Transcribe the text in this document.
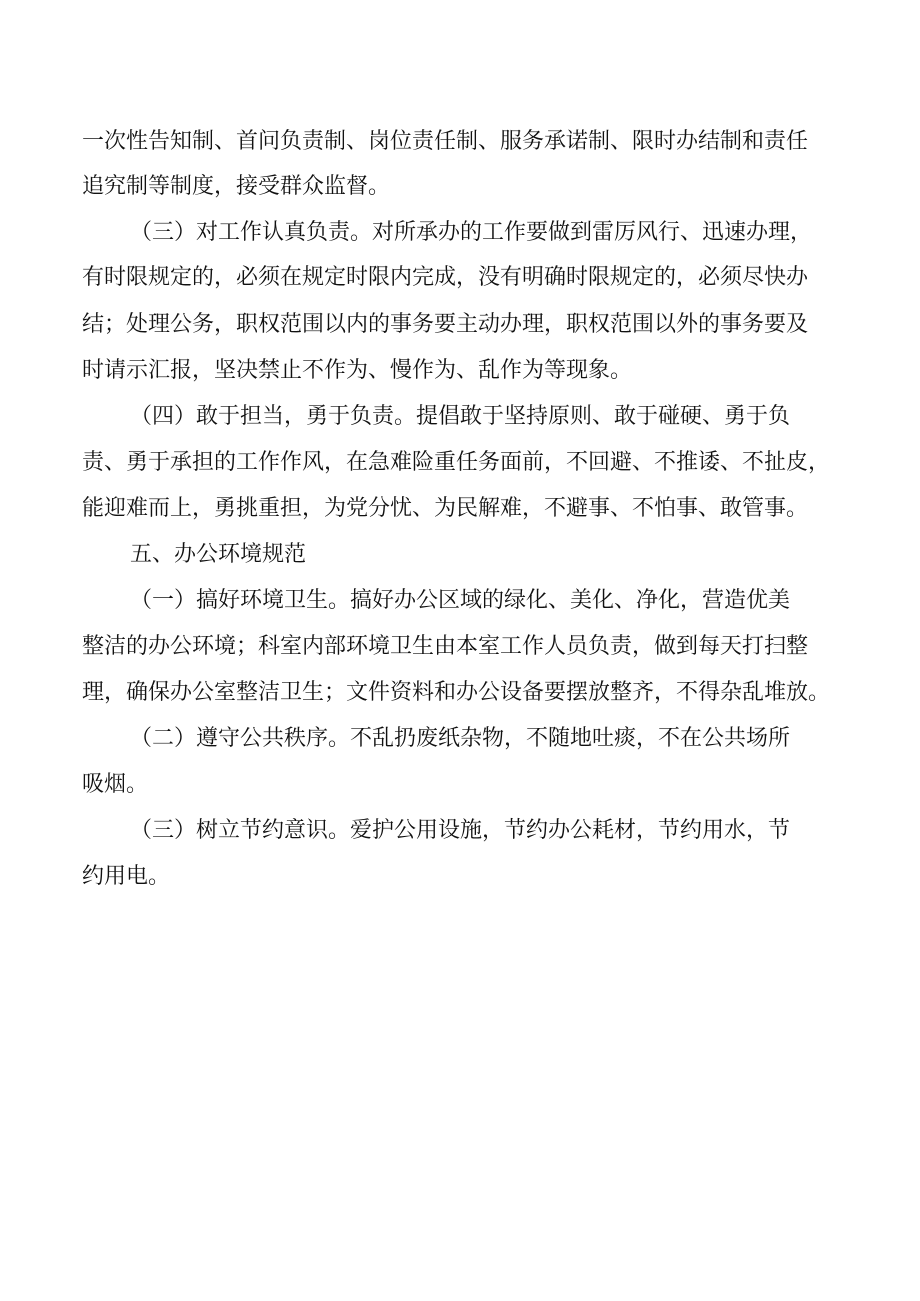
一次性告知制、首问负责制、岗位责任制、服务承诺制、限时办结制和责任
追究制等制度，接受群众监督。
（三）对工作认真负责。对所承办的工作要做到雷厉风行、迅速办理，
有时限规定的，必须在规定时限内完成，没有明确时限规定的，必须尽快办
结；处理公务，职权范围以内的事务要主动办理，职权范围以外的事务要及
时请示汇报，坚决禁止不作为、慢作为、乱作为等现象。
（四）敢于担当，勇于负责。提倡敢于坚持原则、敢于碰硬、勇于负
责、勇于承担的工作作风，在急难险重任务面前，不回避、不推诿、不扯皮，
能迎难而上，勇挑重担，为党分忧、为民解难，不避事、不怕事、敢管事。
五、办公环境规范
（一）搞好环境卫生。搞好办公区域的绿化、美化、净化，营造优美
整洁的办公环境；科室内部环境卫生由本室工作人员负责，做到每天打扫整
理，确保办公室整洁卫生；文件资料和办公设备要摆放整齐，不得杂乱堆放。
（二）遵守公共秩序。不乱扔废纸杂物，不随地吐痰，不在公共场所
吸烟。
（三）树立节约意识。爱护公用设施，节约办公耗材，节约用水，节
约用电。
